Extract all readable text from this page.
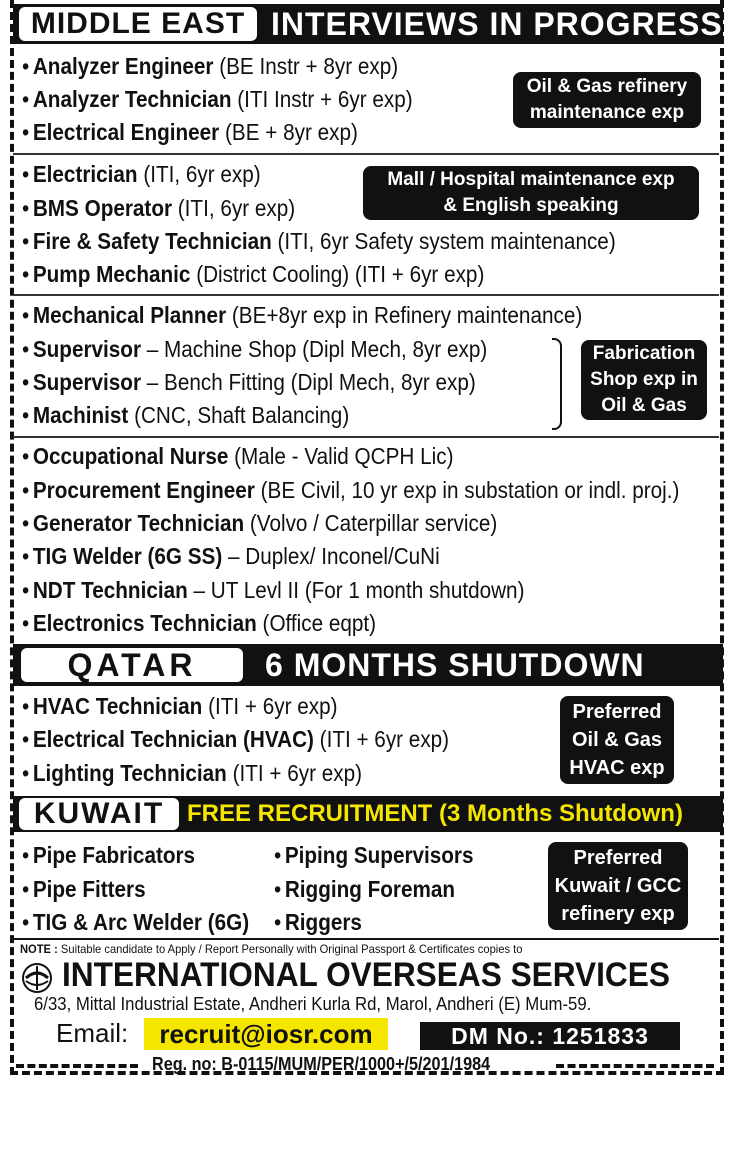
MIDDLE EAST INTERVIEWS IN PROGRESS
• Analyzer Engineer (BE Instr + 8yr exp)
• Analyzer Technician (ITI Instr + 6yr exp)
• Electrical Engineer (BE + 8yr exp)
Oil & Gas refinery
maintenance exp
• Electrician (ITI, 6yr exp)
• BMS Operator (ITI, 6yr exp)
• Fire & Safety Technician (ITI, 6yr Safety system maintenance)
• Pump Mechanic (District Cooling) (ITI + 6yr exp)
Mall / Hospital maintenance exp
& English speaking
• Mechanical Planner (BE+8yr exp in Refinery maintenance)
• Supervisor – Machine Shop (Dipl Mech, 8yr exp)
• Supervisor – Bench Fitting (Dipl Mech, 8yr exp)
• Machinist (CNC, Shaft Balancing)
Fabrication
Shop exp in
Oil & Gas
• Occupational Nurse (Male - Valid QCPH Lic)
• Procurement Engineer (BE Civil, 10 yr exp in substation or indl. proj.)
• Generator Technician (Volvo / Caterpillar service)
• TIG Welder (6G SS) – Duplex/ Inconel/CuNi
• NDT Technician – UT Levl II (For 1 month shutdown)
• Electronics Technician (Office eqpt)
QATAR	6 MONTHS SHUTDOWN
• HVAC Technician (ITI + 6yr exp)
• Electrical Technician (HVAC) (ITI + 6yr exp)
• Lighting Technician (ITI + 6yr exp)
Preferred
Oil & Gas
HVAC exp
KUWAIT FREE RECRUITMENT (3 Months Shutdown)
• Pipe Fabricators
• Pipe Fitters
• TIG & Arc Welder (6G)
• Piping Supervisors
• Rigging Foreman
• Riggers
Preferred
Kuwait / GCC
refinery exp
NOTE : Suitable candidate to Apply / Report Personally with Original Passport & Certificates copies to
INTERNATIONAL OVERSEAS SERVICES
6/33, Mittal Industrial Estate, Andheri Kurla Rd, Marol, Andheri (E) Mum-59.
Email:	recruit@iosr.com	DM No.: 1251833
Reg. no: B-0115/MUM/PER/1000+/5/201/1984
